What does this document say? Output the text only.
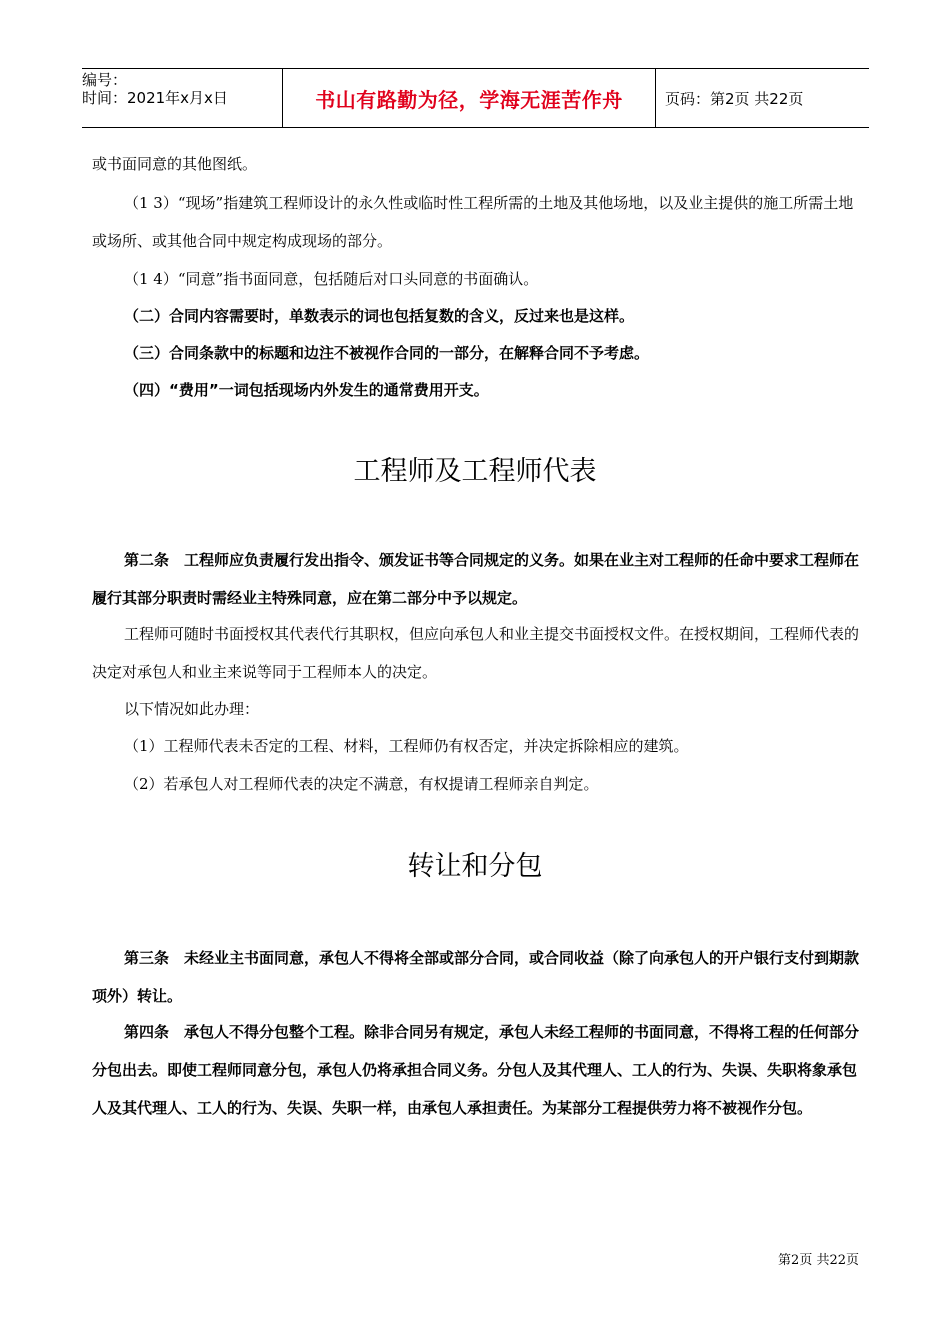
编号：
时间：2021年x月x日	书山有路勤为径，学海无涯苦作舟	页码：第2页 共22页

或书面同意的其他图纸。

（1 3）“现场”指建筑工程师设计的永久性或临时性工程所需的土地及其他场地，以及业主提供的施工所需土地或场所、或其他合同中规定构成现场的部分。

（1 4）“同意”指书面同意，包括随后对口头同意的书面确认。

（二）合同内容需要时，单数表示的词也包括复数的含义，反过来也是这样。

（三）合同条款中的标题和边注不被视作合同的一部分，在解释合同不予考虑。

（四）“费用”一词包括现场内外发生的通常费用开支。

工程师及工程师代表

第二条　工程师应负责履行发出指令、颁发证书等合同规定的义务。如果在业主对工程师的任命中要求工程师在履行其部分职责时需经业主特殊同意，应在第二部分中予以规定。

工程师可随时书面授权其代表代行其职权，但应向承包人和业主提交书面授权文件。在授权期间，工程师代表的决定对承包人和业主来说等同于工程师本人的决定。

以下情况如此办理：

（1）工程师代表未否定的工程、材料，工程师仍有权否定，并决定拆除相应的建筑。

（2）若承包人对工程师代表的决定不满意，有权提请工程师亲自判定。

转让和分包

第三条　未经业主书面同意，承包人不得将全部或部分合同，或合同收益（除了向承包人的开户银行支付到期款项外）转让。

第四条　承包人不得分包整个工程。除非合同另有规定，承包人未经工程师的书面同意，不得将工程的任何部分分包出去。即使工程师同意分包，承包人仍将承担合同义务。分包人及其代理人、工人的行为、失误、失职将象承包人及其代理人、工人的行为、失误、失职一样，由承包人承担责任。为某部分工程提供劳力将不被视作分包。

第2页 共22页
